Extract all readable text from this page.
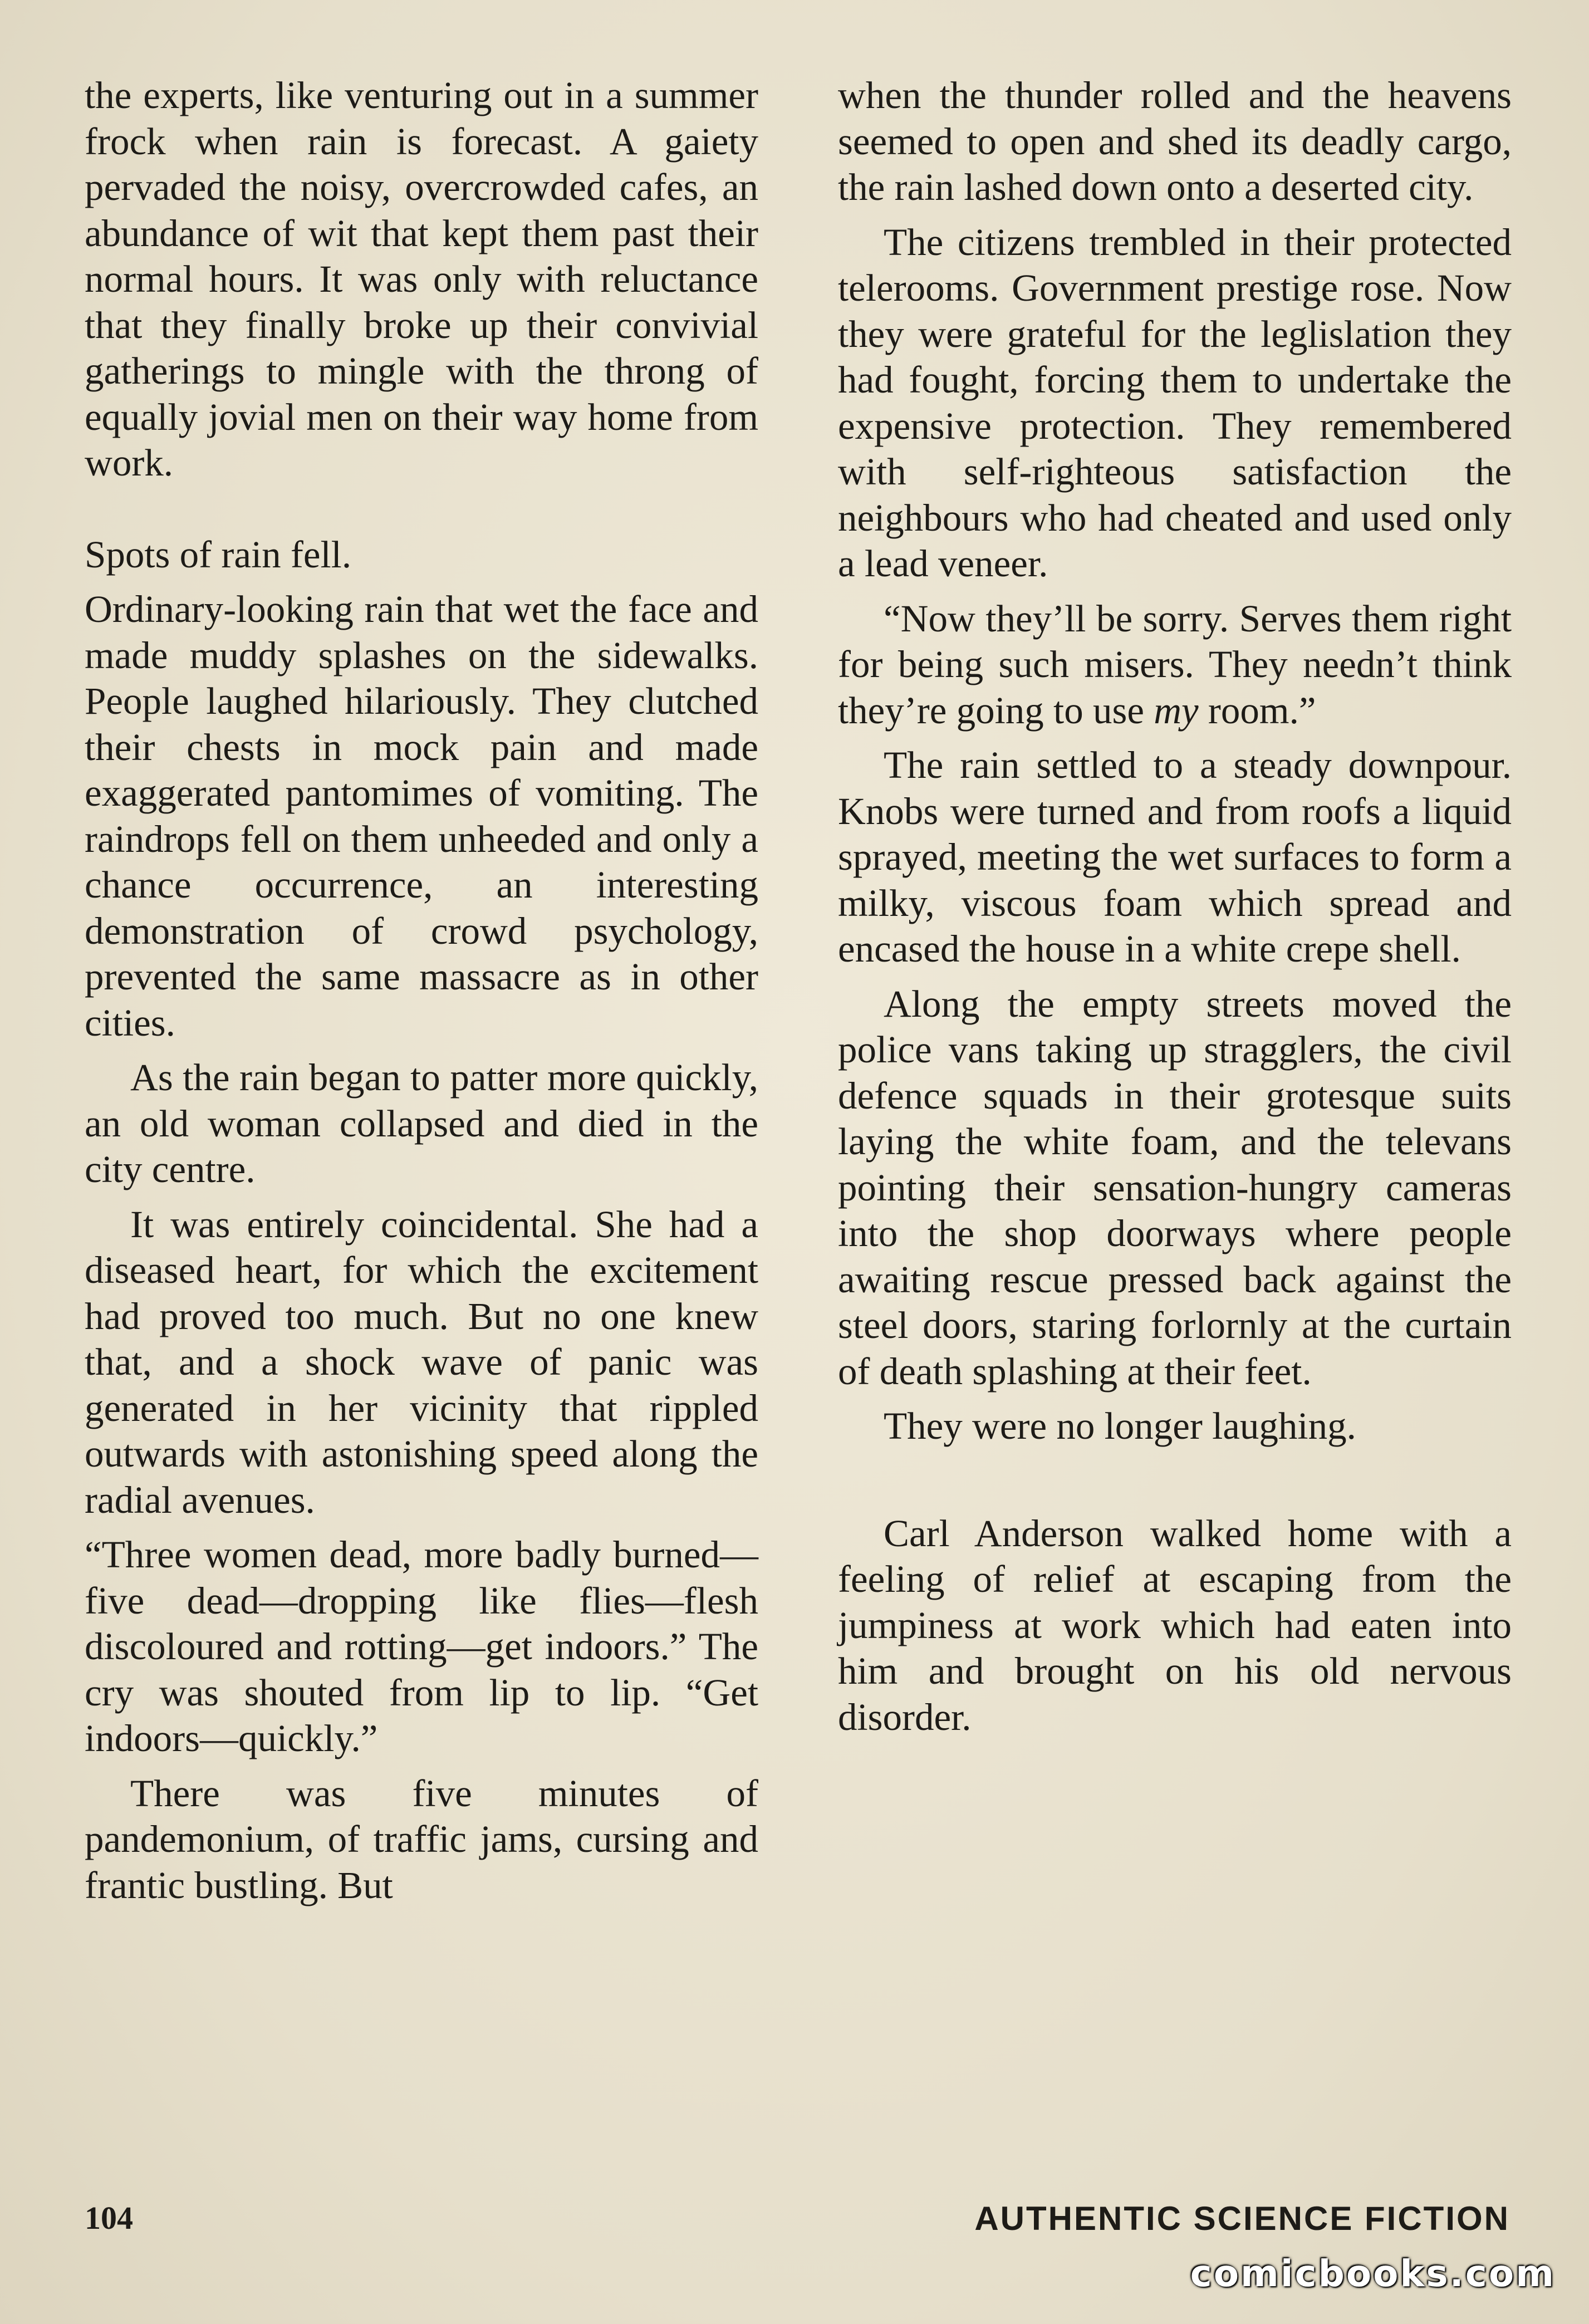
the experts, like venturing out in a summer frock when rain is forecast. A gaiety pervaded the noisy, overcrowded cafes, an abundance of wit that kept them past their normal hours. It was only with reluctance that they finally broke up their convivial gatherings to mingle with the throng of equally jovial men on their way home from work.

Spots of rain fell.

Ordinary-looking rain that wet the face and made muddy splashes on the sidewalks. People laughed hilariously. They clutched their chests in mock pain and made exaggerated pantomimes of vomiting. The raindrops fell on them unheeded and only a chance occurrence, an interesting demonstration of crowd psychology, prevented the same massacre as in other cities.

As the rain began to patter more quickly, an old woman collapsed and died in the city centre.

It was entirely coincidental. She had a diseased heart, for which the excitement had proved too much. But no one knew that, and a shock wave of panic was generated in her vicinity that rippled outwards with astonishing speed along the radial avenues.

“Three women dead, more badly burned—five dead—dropping like flies—flesh discoloured and rotting—get indoors.” The cry was shouted from lip to lip. “Get indoors—quickly.”

There was five minutes of pandemonium, of traffic jams, cursing and frantic bustling. But

when the thunder rolled and the heavens seemed to open and shed its deadly cargo, the rain lashed down onto a deserted city.

The citizens trembled in their protected telerooms. Government prestige rose. Now they were grateful for the leglislation they had fought, forcing them to undertake the expensive protection. They remembered with self-righteous satisfaction the neighbours who had cheated and used only a lead veneer.

“Now they’ll be sorry. Serves them right for being such misers. They needn’t think they’re going to use my room.”

The rain settled to a steady downpour. Knobs were turned and from roofs a liquid sprayed, meeting the wet surfaces to form a milky, viscous foam which spread and encased the house in a white crepe shell.

Along the empty streets moved the police vans taking up stragglers, the civil defence squads in their grotesque suits laying the white foam, and the televans pointing their sensation-hungry cameras into the shop doorways where people awaiting rescue pressed back against the steel doors, staring forlornly at the curtain of death splashing at their feet.

They were no longer laughing.

Carl Anderson walked home with a feeling of relief at escaping from the jumpiness at work which had eaten into him and brought on his old nervous disorder.

104	AUTHENTIC SCIENCE FICTION
comicbooks.com
